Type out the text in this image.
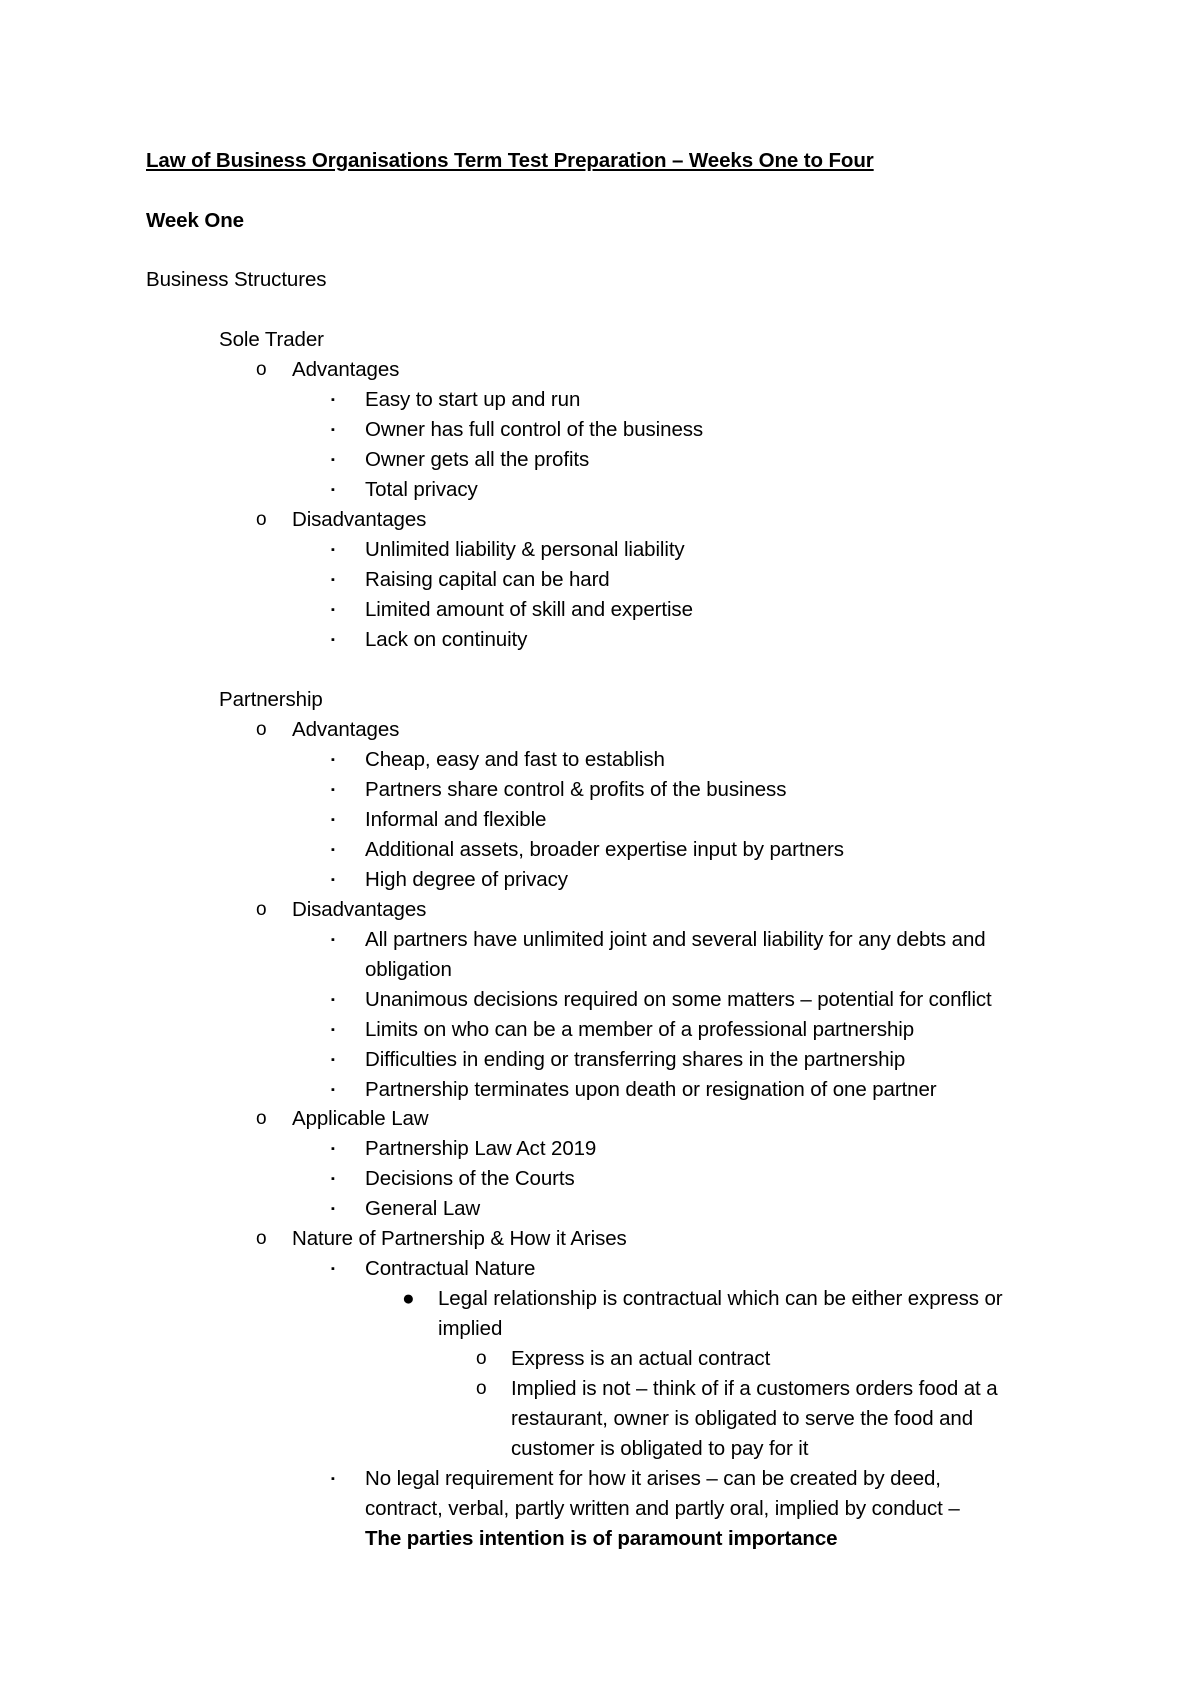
Law of Business Organisations Term Test Preparation – Weeks One to Four
Week One
Business Structures
Sole Trader
o Advantages
▪ Easy to start up and run
▪ Owner has full control of the business
▪ Owner gets all the profits
▪ Total privacy
o Disadvantages
▪ Unlimited liability & personal liability
▪ Raising capital can be hard
▪ Limited amount of skill and expertise
▪ Lack on continuity
Partnership
o Advantages
▪ Cheap, easy and fast to establish
▪ Partners share control & profits of the business
▪ Informal and flexible
▪ Additional assets, broader expertise input by partners
▪ High degree of privacy
o Disadvantages
▪ All partners have unlimited joint and several liability for any debts and
obligation
▪ Unanimous decisions required on some matters – potential for conflict
▪ Limits on who can be a member of a professional partnership
▪ Difficulties in ending or transferring shares in the partnership
▪ Partnership terminates upon death or resignation of one partner
o Applicable Law
▪ Partnership Law Act 2019
▪ Decisions of the Courts
▪ General Law
o Nature of Partnership & How it Arises
▪ Contractual Nature
● Legal relationship is contractual which can be either express or
implied
o Express is an actual contract
o Implied is not – think of if a customers orders food at a
restaurant, owner is obligated to serve the food and
customer is obligated to pay for it
▪ No legal requirement for how it arises – can be created by deed,
contract, verbal, partly written and partly oral, implied by conduct –
The parties intention is of paramount importance
